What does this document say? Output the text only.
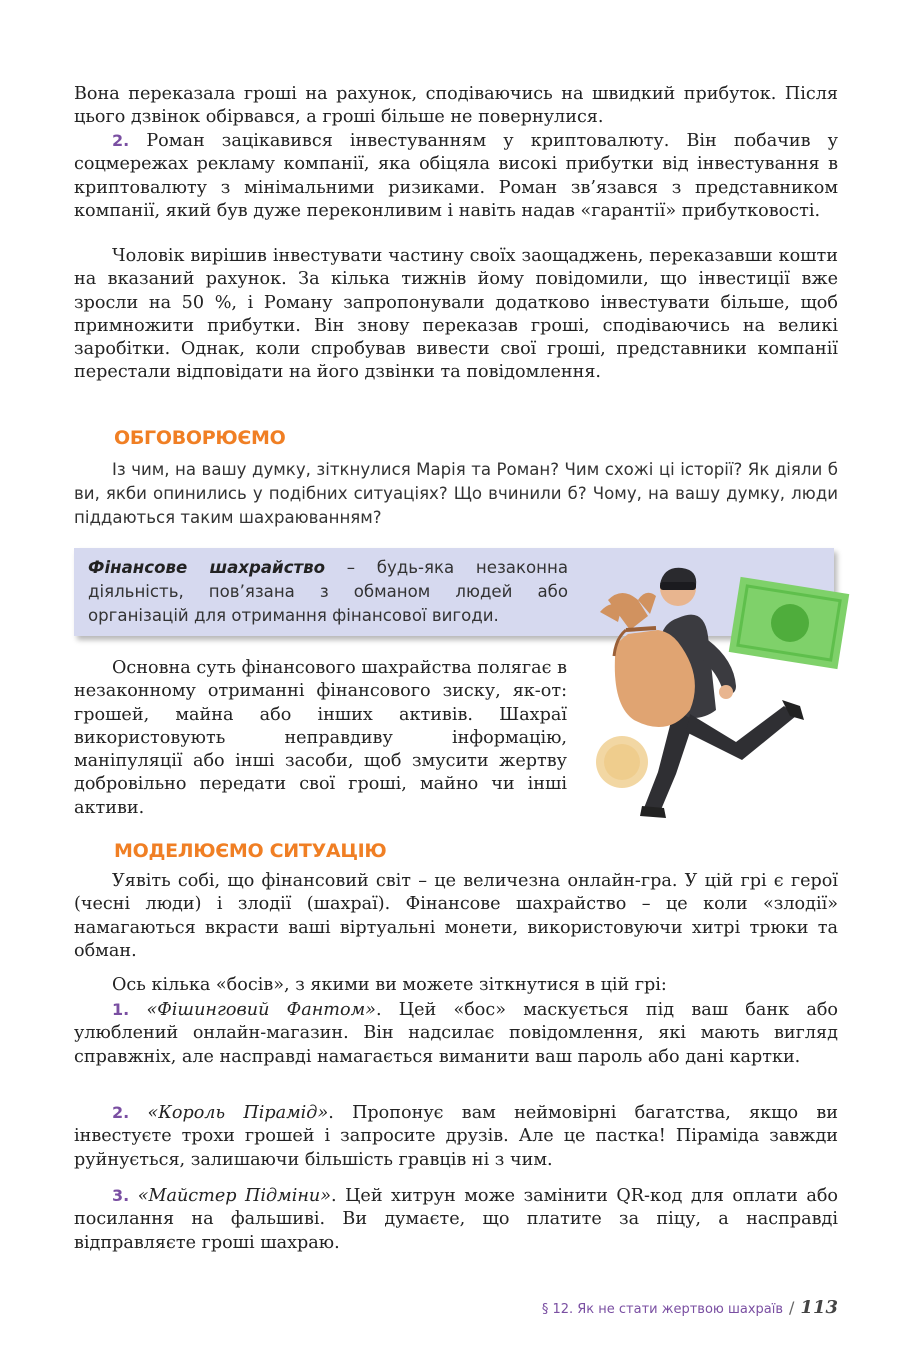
Вона переказала гроші на рахунок, сподіваючись на швидкий прибуток. Після цього дзвінок обірвався, а гроші більше не повернулися.

2. Роман зацікавився інвестуванням у криптовалюту. Він побачив у соцмережах рекламу компанії, яка обіцяла високі прибутки від інвестування в криптовалюту з мінімальними ризиками. Роман зв’язався з представником компанії, який був дуже переконливим і навіть надав «гарантії» прибутковості.

Чоловік вирішив інвестувати частину своїх заощаджень, переказавши кошти на вказаний рахунок. За кілька тижнів йому повідомили, що інвестиції вже зросли на 50 %, і Роману запропонували додатково інвестувати більше, щоб примножити прибутки. Він знову переказав гроші, сподіваючись на великі заробітки. Однак, коли спробував вивести свої гроші, представники компанії перестали відповідати на його дзвінки та повідомлення.

ОБГОВОРЮЄМО

Із чим, на вашу думку, зіткнулися Марія та Роман? Чим схожі ці історії? Як діяли б ви, якби опинились у подібних ситуаціях? Що вчинили б? Чому, на вашу думку, люди піддаються таким шахраюванням?

Фінансове шахрайство – будь-яка незаконна діяльність, пов’язана з обманом людей або організацій для отримання фінансової вигоди.

Основна суть фінансового шахрайства полягає в незаконному отриманні фінансового зиску, як-от: грошей, майна або інших активів. Шахраї використовують неправдиву інформацію, маніпуляції або інші засоби, щоб змусити жертву добровільно передати свої гроші, майно чи інші активи.

МОДЕЛЮЄМО СИТУАЦІЮ

Уявіть собі, що фінансовий світ – це величезна онлайн-гра. У цій грі є герої (чесні люди) і злодії (шахраї). Фінансове шахрайство – це коли «злодії» намагаються вкрасти ваші віртуальні монети, використовуючи хитрі трюки та обман.

Ось кілька «босів», з якими ви можете зіткнутися в цій грі:

1. «Фішинговий Фантом». Цей «бос» маскується під ваш банк або улюблений онлайн-магазин. Він надсилає повідомлення, які мають вигляд справжніх, але насправді намагається виманити ваш пароль або дані картки.

2. «Король Пірамід». Пропонує вам неймовірні багатства, якщо ви інвестуєте трохи грошей і запросите друзів. Але це пастка! Піраміда завжди руйнується, залишаючи більшість гравців ні з чим.

3. «Майстер Підміни». Цей хитрун може замінити QR-код для оплати або посилання на фальшиві. Ви думаєте, що платите за піцу, а насправді відправляєте гроші шахраю.

§ 12. Як не стати жертвою шахраїв / 113
